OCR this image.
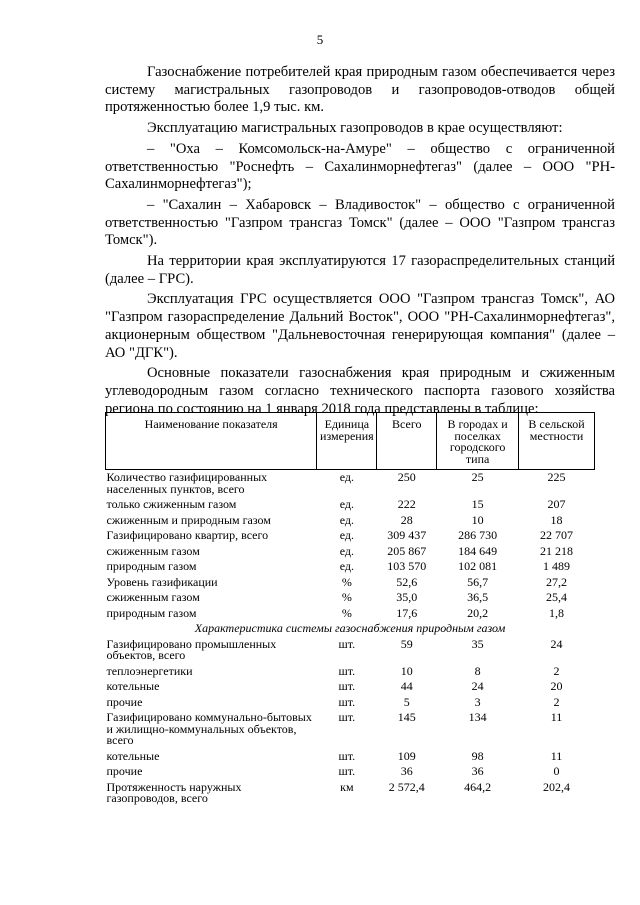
5

Газоснабжение потребителей края природным газом обеспечивается через систему магистральных газопроводов и газопроводов-отводов общей протяженностью более 1,9 тыс. км.

Эксплуатацию магистральных газопроводов в крае осуществляют:

– "Оха – Комсомольск-на-Амуре" – общество с ограниченной ответственностью "Роснефть – Сахалинморнефтегаз" (далее – ООО "РН-Сахалинморнефтегаз");

– "Сахалин – Хабаровск – Владивосток" – общество с ограниченной ответственностью "Газпром трансгаз Томск" (далее – ООО "Газпром трансгаз Томск").

На территории края эксплуатируются 17 газораспределительных станций (далее – ГРС).

Эксплуатация ГРС осуществляется ООО "Газпром трансгаз Томск", АО "Газпром газораспределение Дальний Восток", ООО "РН-Сахалинморнефтегаз", акционерным обществом "Дальневосточная генерирующая компания" (далее – АО "ДГК").

Основные показатели газоснабжения края природным и сжиженным углеводородным газом согласно технического паспорта газового хозяйства региона по состоянию на 1 января 2018 года представлены в таблице:

Наименование показателя	Единица измерения	Всего	В городах и поселках городского типа	В сельской местности
Количество газифицированных населенных пунктов, всего	ед.	250	25	225
только сжиженным газом	ед.	222	15	207
сжиженным и природным газом	ед.	28	10	18
Газифицировано квартир, всего	ед.	309 437	286 730	22 707
сжиженным газом	ед.	205 867	184 649	21 218
природным газом	ед.	103 570	102 081	1 489
Уровень газификации	%	52,6	56,7	27,2
сжиженным газом	%	35,0	36,5	25,4
природным газом	%	17,6	20,2	1,8
Характеристика системы газоснабжения природным газом				
Газифицировано промышленных объектов, всего	шт.	59	35	24
теплоэнергетики	шт.	10	8	2
котельные	шт.	44	24	20
прочие	шт.	5	3	2
Газифицировано коммунально-бытовых и жилищно-коммунальных объектов, всего	шт.	145	134	11
котельные	шт.	109	98	11
прочие	шт.	36	36	0
Протяженность наружных газопроводов, всего	км	2 572,4	464,2	202,4
